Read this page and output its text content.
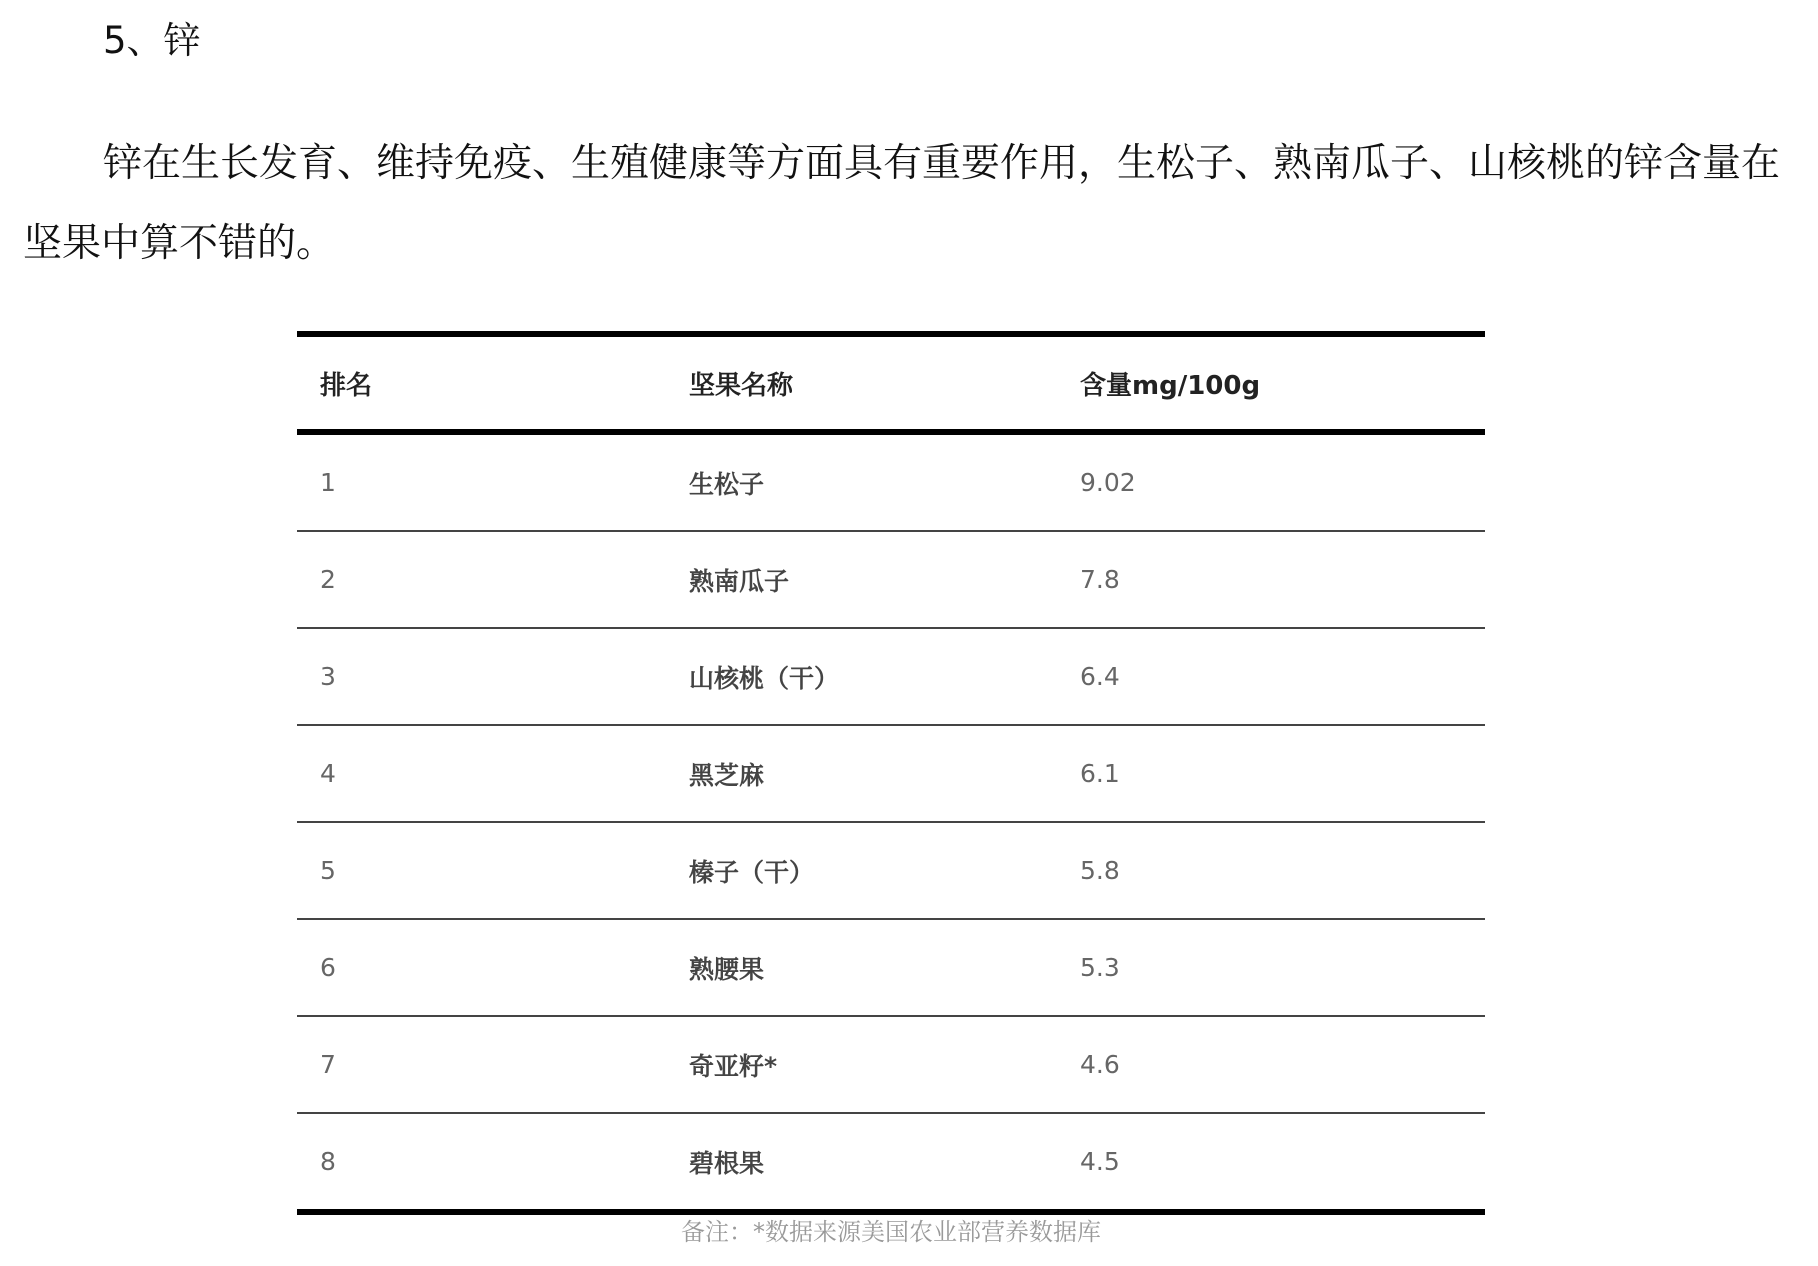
5、锌
锌在生长发育、维持免疫、生殖健康等方面具有重要作用，生松子、熟南瓜子、山核桃的锌含量在坚果中算不错的。
排名	坚果名称	含量mg/100g
1	生松子	9.02
2	熟南瓜子	7.8
3	山核桃（干）	6.4
4	黑芝麻	6.1
5	榛子（干）	5.8
6	熟腰果	5.3
7	奇亚籽*	4.6
8	碧根果	4.5
备注：*数据来源美国农业部营养数据库
